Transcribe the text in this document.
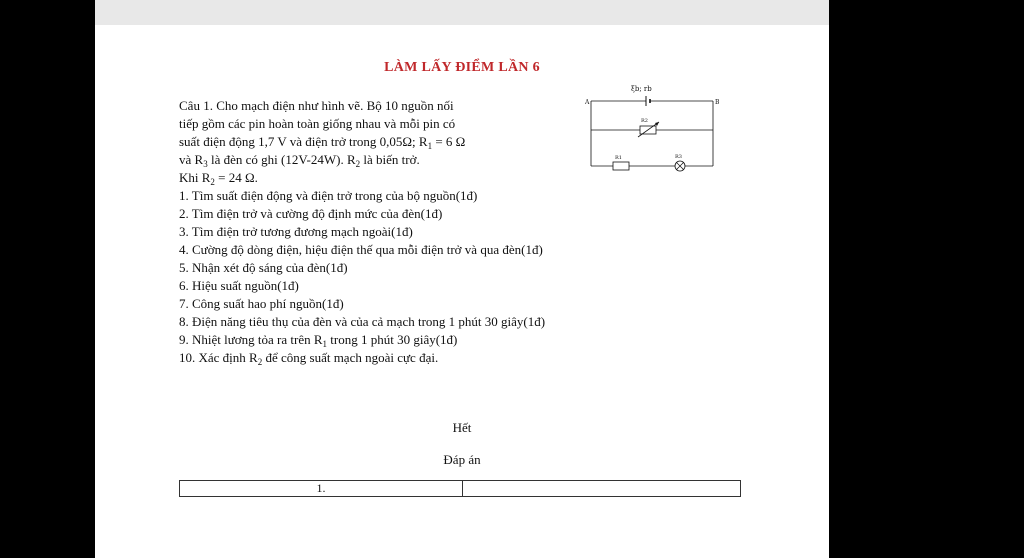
LÀM LẤY ĐIỂM LẦN 6
Câu 1. Cho mạch điện như hình vẽ. Bộ 10 nguồn nối
tiếp gồm các pin hoàn toàn giống nhau và mỗi pin có
suất điện động 1,7 V và điện trở trong 0,05Ω; $R_1 = 6$ Ω
và $R_3$ là đèn có ghi (12V-24W). $R_2$ là biến trở.
Khi $R_2 = 24$ Ω.
1. Tìm suất điện động và điện trở trong của bộ nguồn(1đ)
2. Tìm điện trở và cường độ định mức của đèn(1đ)
3. Tìm điện trở tương đương mạch ngoài(1đ)
4. Cường độ dòng điện, hiệu điện thế qua mỗi điện trở và qua đèn(1đ)
5. Nhận xét độ sáng của đèn(1đ)
6. Hiệu suất nguồn(1đ)
7. Công suất hao phí nguồn(1đ)
8. Điện năng tiêu thụ của đèn và của cả mạch trong 1 phút 30 giây(1đ)
9. Nhiệt lương tỏa ra trên $R_1$ trong 1 phút 30 giây(1đ)
10. Xác định $R_2$ để công suất mạch ngoài cực đại.
ξb; rb
A	B
R2
R1	R3
Hết
Đáp án
1.
